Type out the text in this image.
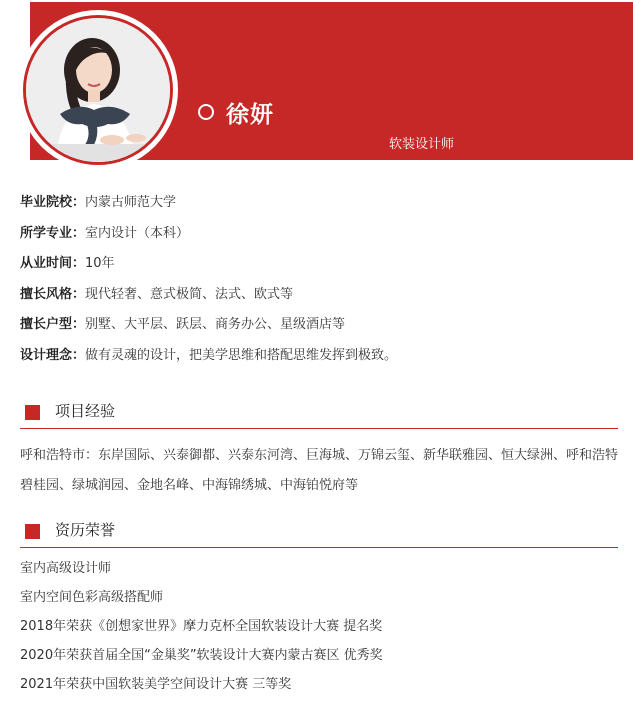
徐妍
软装设计师
毕业院校：内蒙古师范大学
所学专业：室内设计（本科）
从业时间：10年
擅长风格：现代轻奢、意式极简、法式、欧式等
擅长户型：别墅、大平层、跃层、商务办公、星级酒店等
设计理念：做有灵魂的设计，把美学思维和搭配思维发挥到极致。
项目经验
呼和浩特市：东岸国际、兴泰御都、兴泰东河湾、巨海城、万锦云玺、新华联雅园、恒大绿洲、呼和浩特碧桂园、绿城润园、金地名峰、中海锦绣城、中海铂悦府等
资历荣誉
室内高级设计师
室内空间色彩高级搭配师
2018年荣获《创想家世界》摩力克杯全国软装设计大赛 提名奖
2020年荣获首届全国“金巢奖”软装设计大赛内蒙古赛区 优秀奖
2021年荣获中国软装美学空间设计大赛 三等奖
